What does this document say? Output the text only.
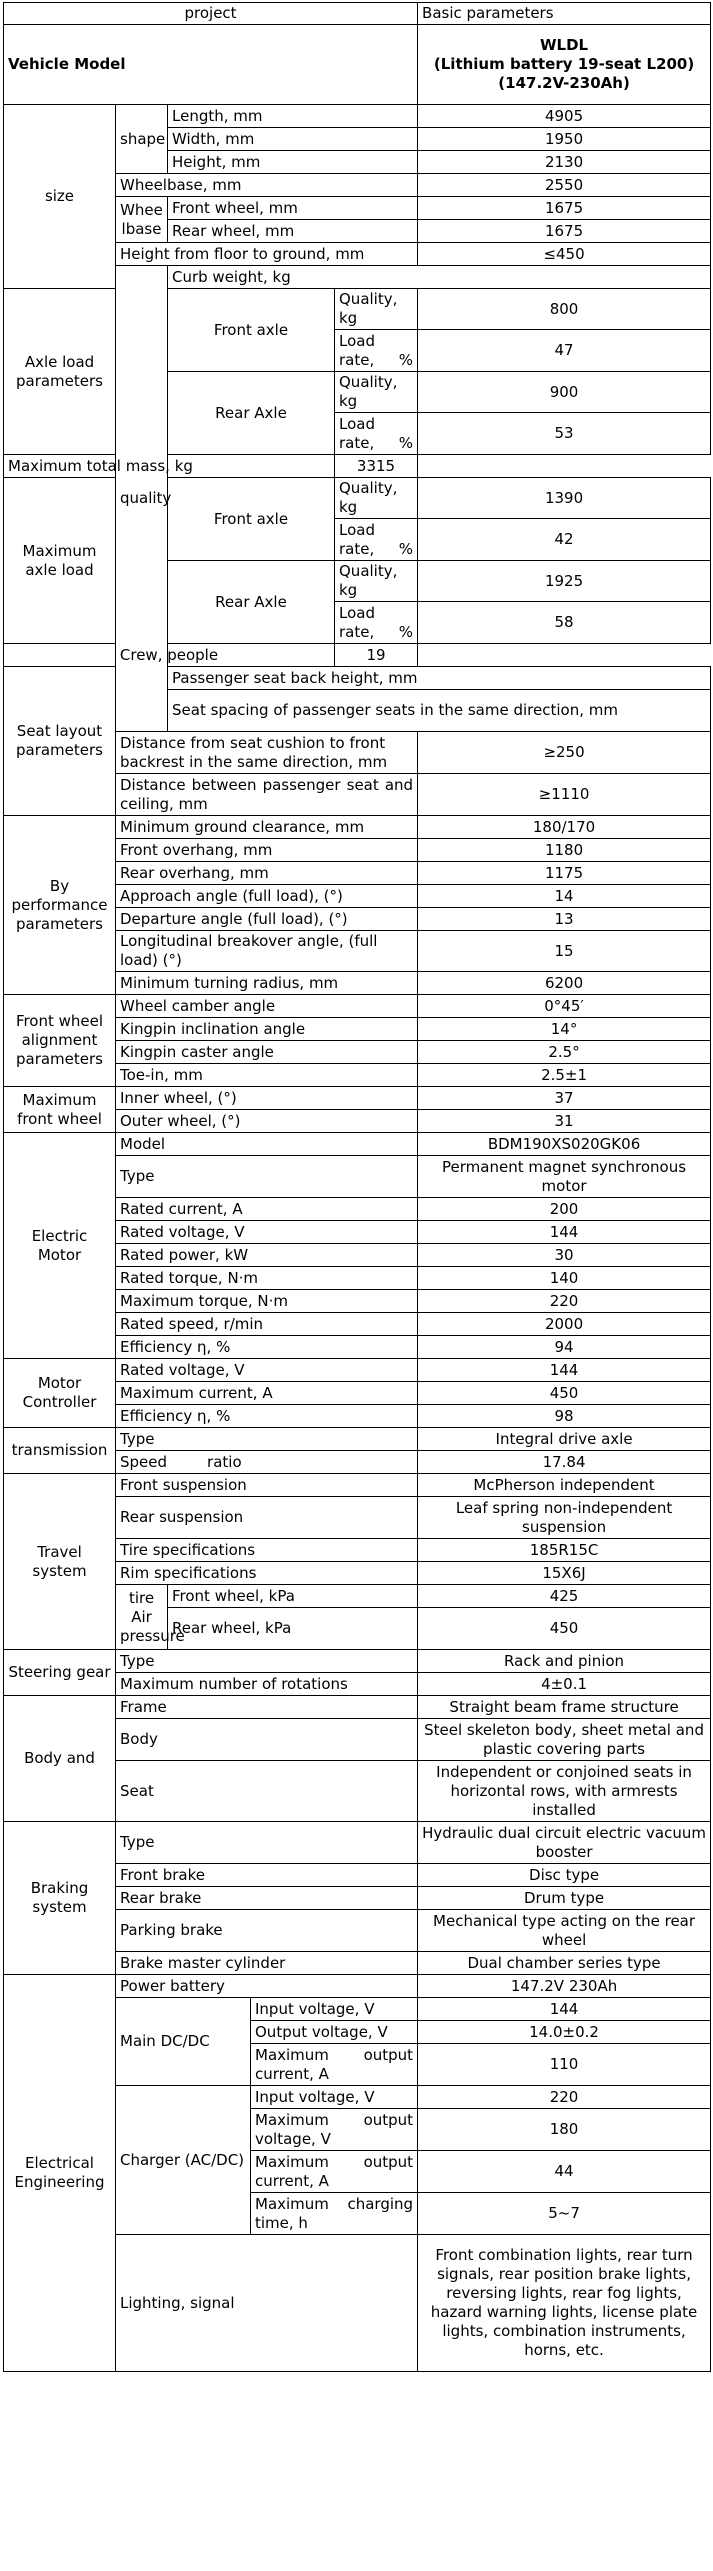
project					Basic parameters	
Vehicle Model					WLDL
(Lithium battery 19-seat L200)
(147.2V-230Ah)	

size	shape	Length, mm			4905	
		Width, mm			1950	
		Height, mm			2130	
	Wheelbase, mm				2550	
	Wheelbase	Front wheel, mm			1675	
		Rear wheel, mm			1675	
	Height from floor to ground, mm				≤450	
	quality	Curb weight, kg	
Axle load parameters		Front axle		Quality, kg	800	
				Load rate, %	47	
		Rear Axle		Quality, kg	900	
				Load rate, %	53	
Maximum total mass, kg				3315		
Maximum axle load		Front axle		Quality, kg	1390	
				Load rate, %	42	
		Rear Axle		Quality, kg	1925	
				Load rate, %	58	
Crew, people				19		
Seat layout parameters		Passenger seat back height, mm	
		Seat spacing of passenger seats in the same direction, mm	
	Distance from seat cushion to front backrest in the same direction, mm				≥250	
	Distance between passenger seat and ceiling, mm				≥1110	
By performance parameters	Minimum ground clearance, mm				180/170	
	Front overhang, mm				1180	
	Rear overhang, mm				1175	
	Approach angle (full load), (°)				14	
	Departure angle (full load), (°)				13	
	Longitudinal breakover angle, (full load) (°)				15	
	Minimum turning radius, mm				6200	
Front wheel alignment parameters	Wheel camber angle				0°45′	
	Kingpin inclination angle				14°	
	Kingpin caster angle				2.5°	
	Toe-in, mm				2.5±1	
Maximum front wheel	Inner wheel, (°)				37	
	Outer wheel, (°)				31	
Electric Motor	Model				BDM190XS020GK06	
	Type				Permanent magnet synchronous motor	
	Rated current, A				200	
	Rated voltage, V				144	
	Rated power, kW				30	
	Rated torque, N·m				140	
	Maximum torque, N·m				220	
	Rated speed, r/min				2000	
	Efficiency η, %				94	
Motor Controller	Rated voltage, V				144	
	Maximum current, A				450	
	Efficiency η, %				98	
transmission	Type				Integral drive axle	
	Speed ratio				17.84	
Travel system	Front suspension				McPherson independent	
	Rear suspension				Leaf spring non-independent suspension	
	Tire specifications				185R15C	
	Rim specifications				15X6J	
	tire Air pressure	Front wheel, kPa			425	
		Rear wheel, kPa			450	
Steering gear	Type				Rack and pinion	
	Maximum number of rotations				4±0.1	
Body and	Frame				Straight beam frame structure	
	Body				Steel skeleton body, sheet metal and plastic covering parts	
	Seat				Independent or conjoined seats in horizontal rows, with armrests installed	
Braking system	Type				Hydraulic dual circuit electric vacuum booster	
	Front brake				Disc type	
	Rear brake				Drum type	
	Parking brake				Mechanical type acting on the rear wheel	
	Brake master cylinder				Dual chamber series type	
Electrical Engineering	Power battery				147.2V 230Ah	
	Main DC/DC		Input voltage, V		144	
			Output voltage, V		14.0±0.2	
			Maximum output current, A		110	
	Charger (AC/DC)		Input voltage, V		220	
			Maximum output voltage, V		180	
			Maximum output current, A		44	
			Maximum charging time, h		5~7	
	Lighting, signal				Front combination lights, rear turn signals, rear position brake lights, reversing lights, rear fog lights, hazard warning lights, license plate lights, combination instruments, horns, etc.	
